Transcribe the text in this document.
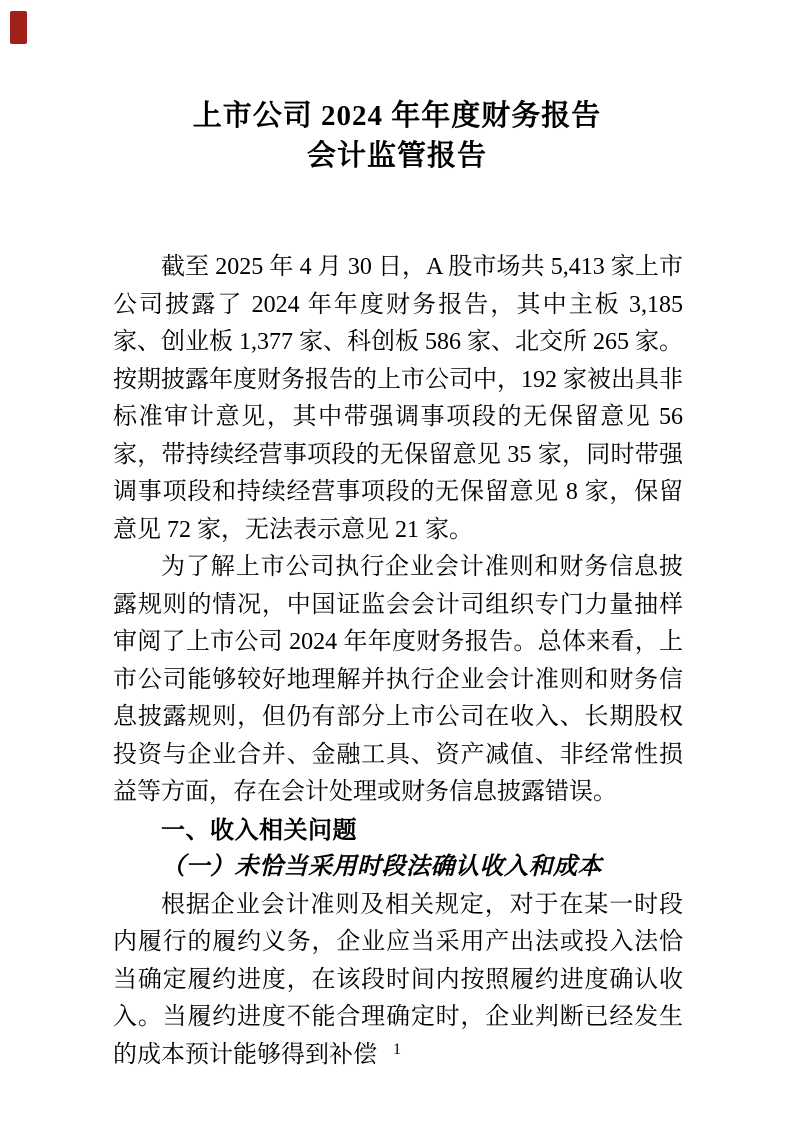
上市公司 2024 年年度财务报告
会计监管报告

截至 2025 年 4 月 30 日，A 股市场共 5,413 家上市公司披露了 2024 年年度财务报告，其中主板 3,185 家、创业板 1,377 家、科创板 586 家、北交所 265 家。按期披露年度财务报告的上市公司中，192 家被出具非标准审计意见，其中带强调事项段的无保留意见 56 家，带持续经营事项段的无保留意见 35 家，同时带强调事项段和持续经营事项段的无保留意见 8 家，保留意见 72 家，无法表示意见 21 家。

为了解上市公司执行企业会计准则和财务信息披露规则的情况，中国证监会会计司组织专门力量抽样审阅了上市公司 2024 年年度财务报告。总体来看，上市公司能够较好地理解并执行企业会计准则和财务信息披露规则，但仍有部分上市公司在收入、长期股权投资与企业合并、金融工具、资产减值、非经常性损益等方面，存在会计处理或财务信息披露错误。

一、收入相关问题

（一）未恰当采用时段法确认收入和成本

根据企业会计准则及相关规定，对于在某一时段内履行的履约义务，企业应当采用产出法或投入法恰当确定履约进度，在该段时间内按照履约进度确认收入。当履约进度不能合理确定时，企业判断已经发生的成本预计能够得到补偿	1
